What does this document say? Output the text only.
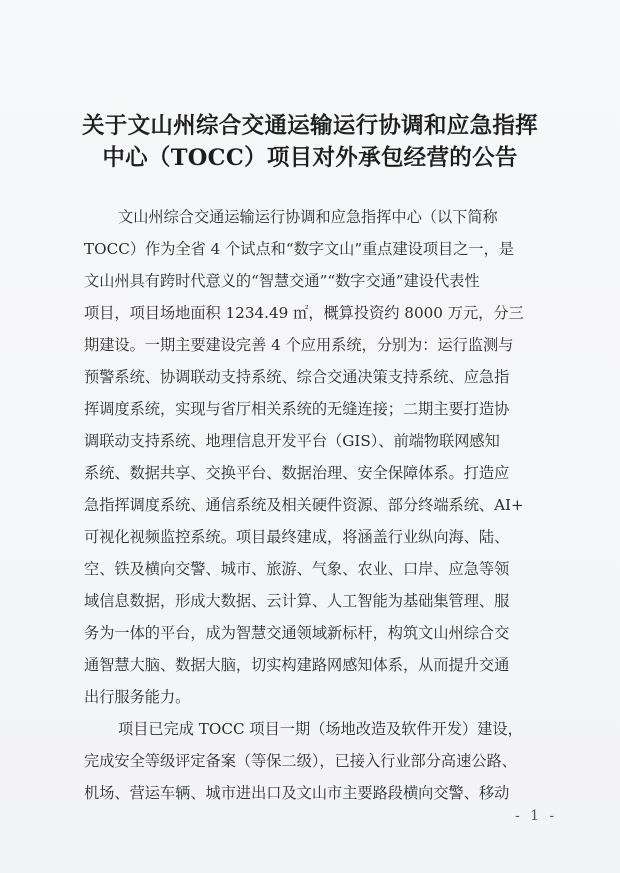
关于文山州综合交通运输运行协调和应急指挥
中心（TOCC）项目对外承包经营的公告
文山州综合交通运输运行协调和应急指挥中心（以下简称
TOCC）作为全省 4 个试点和“数字文山”重点建设项目之一，是
文山州具有跨时代意义的“智慧交通”“数字交通”建设代表性
项目，项目场地面积 1234.49 ㎡，概算投资约 8000 万元，分三
期建设。一期主要建设完善 4 个应用系统，分别为：运行监测与
预警系统、协调联动支持系统、综合交通决策支持系统、应急指
挥调度系统，实现与省厅相关系统的无缝连接；二期主要打造协
调联动支持系统、地理信息开发平台（GIS）、前端物联网感知
系统、数据共享、交换平台、数据治理、安全保障体系。打造应
急指挥调度系统、通信系统及相关硬件资源、部分终端系统、AI+
可视化视频监控系统。项目最终建成，将涵盖行业纵向海、陆、
空、铁及横向交警、城市、旅游、气象、农业、口岸、应急等领
域信息数据，形成大数据、云计算、人工智能为基础集管理、服
务为一体的平台，成为智慧交通领域新标杆，构筑文山州综合交
通智慧大脑、数据大脑，切实构建路网感知体系，从而提升交通
出行服务能力。
项目已完成 TOCC 项目一期（场地改造及软件开发）建设，
完成安全等级评定备案（等保二级），已接入行业部分高速公路、
机场、营运车辆、城市进出口及文山市主要路段横向交警、移动
- 1 -
